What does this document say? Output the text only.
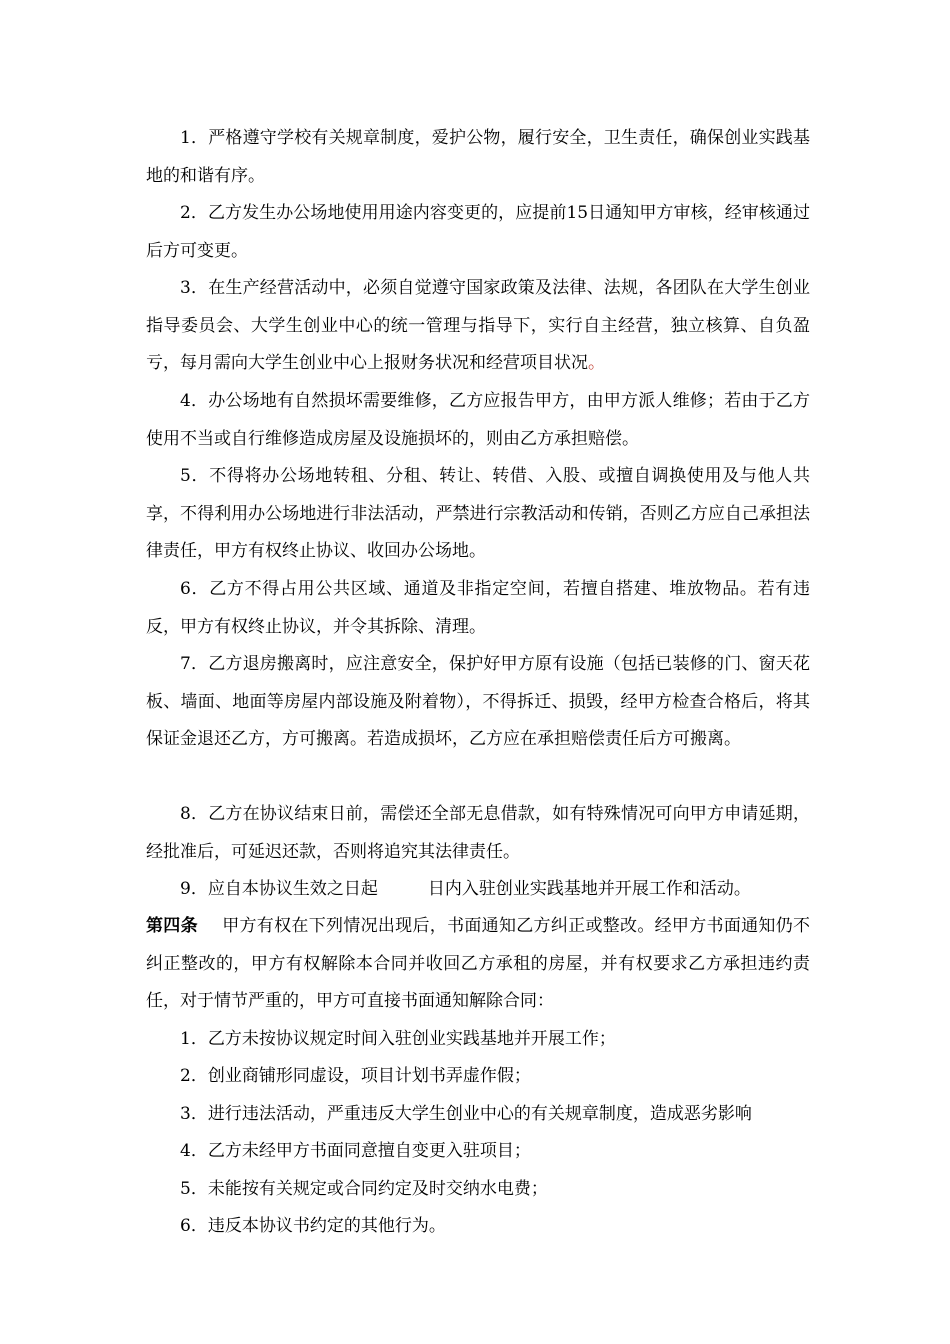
1．严格遵守学校有关规章制度，爱护公物，履行安全，卫生责任，确保创业实践基地的和谐有序。
2．乙方发生办公场地使用用途内容变更的，应提前15日通知甲方审核，经审核通过后方可变更。
3．在生产经营活动中，必须自觉遵守国家政策及法律、法规，各团队在大学生创业指导委员会、大学生创业中心的统一管理与指导下，实行自主经营，独立核算、自负盈亏，每月需向大学生创业中心上报财务状况和经营项目状况。
4．办公场地有自然损坏需要维修，乙方应报告甲方，由甲方派人维修；若由于乙方使用不当或自行维修造成房屋及设施损坏的，则由乙方承担赔偿。
5．不得将办公场地转租、分租、转让、转借、入股、或擅自调换使用及与他人共享，不得利用办公场地进行非法活动，严禁进行宗教活动和传销，否则乙方应自己承担法律责任，甲方有权终止协议、收回办公场地。
6．乙方不得占用公共区域、通道及非指定空间，若擅自搭建、堆放物品。若有违反，甲方有权终止协议，并令其拆除、清理。
7．乙方退房搬离时，应注意安全，保护好甲方原有设施（包括已装修的门、窗天花板、墙面、地面等房屋内部设施及附着物），不得拆迁、损毁，经甲方检查合格后，将其保证金退还乙方，方可搬离。若造成损坏，乙方应在承担赔偿责任后方可搬离。
8．乙方在协议结束日前，需偿还全部无息借款，如有特殊情况可向甲方申请延期，经批准后，可延迟还款，否则将追究其法律责任。
9．应自本协议生效之日起	日内入驻创业实践基地并开展工作和活动。
第四条 甲方有权在下列情况出现后，书面通知乙方纠正或整改。经甲方书面通知仍不纠正整改的，甲方有权解除本合同并收回乙方承租的房屋，并有权要求乙方承担违约责任，对于情节严重的，甲方可直接书面通知解除合同：
1．乙方未按协议规定时间入驻创业实践基地并开展工作；
2．创业商铺形同虚设，项目计划书弄虚作假；
3．进行违法活动，严重违反大学生创业中心的有关规章制度，造成恶劣影响
4．乙方未经甲方书面同意擅自变更入驻项目；
5．未能按有关规定或合同约定及时交纳水电费；
6．违反本协议书约定的其他行为。
